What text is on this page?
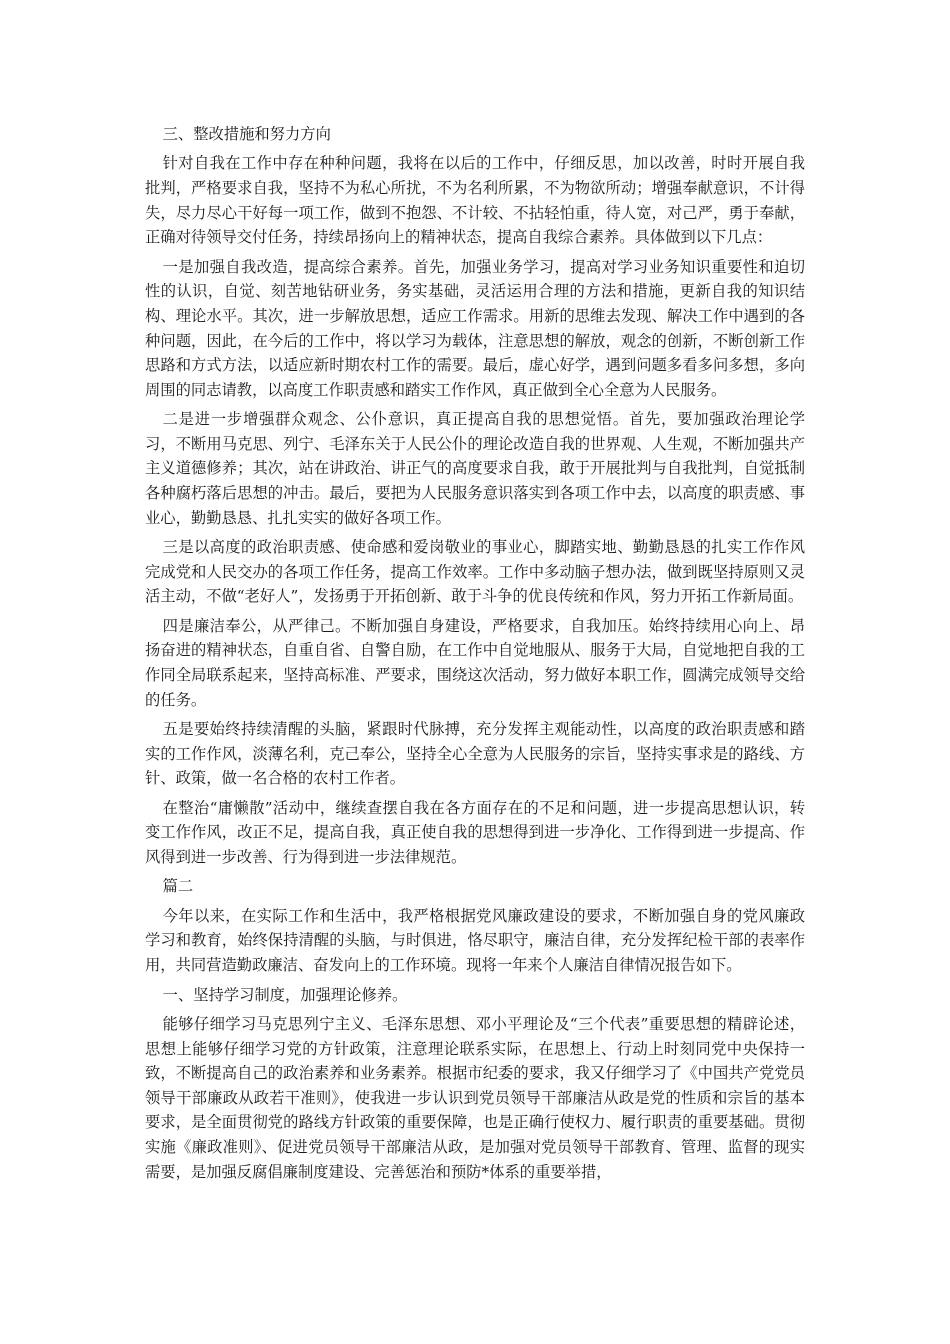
三、整改措施和努力方向

针对自我在工作中存在种种问题，我将在以后的工作中，仔细反思，加以改善，时时开展自我批判，严格要求自我，坚持不为私心所扰，不为名利所累，不为物欲所动；增强奉献意识，不计得失，尽力尽心干好每一项工作，做到不抱怨、不计较、不拈轻怕重，待人宽，对己严，勇于奉献，正确对待领导交付任务，持续昂扬向上的精神状态，提高自我综合素养。具体做到以下几点：

一是加强自我改造，提高综合素养。首先，加强业务学习，提高对学习业务知识重要性和迫切性的认识，自觉、刻苦地钻研业务，务实基础，灵活运用合理的方法和措施，更新自我的知识结构、理论水平。其次，进一步解放思想，适应工作需求。用新的思维去发现、解决工作中遇到的各种问题，因此，在今后的工作中，将以学习为载体，注意思想的解放，观念的创新，不断创新工作思路和方式方法，以适应新时期农村工作的需要。最后，虚心好学，遇到问题多看多问多想，多向周围的同志请教，以高度工作职责感和踏实工作作风，真正做到全心全意为人民服务。

二是进一步增强群众观念、公仆意识，真正提高自我的思想觉悟。首先，要加强政治理论学习，不断用马克思、列宁、毛泽东关于人民公仆的理论改造自我的世界观、人生观，不断加强共产主义道德修养；其次，站在讲政治、讲正气的高度要求自我，敢于开展批判与自我批判，自觉抵制各种腐朽落后思想的冲击。最后，要把为人民服务意识落实到各项工作中去，以高度的职责感、事业心，勤勤恳恳、扎扎实实的做好各项工作。

三是以高度的政治职责感、使命感和爱岗敬业的事业心，脚踏实地、勤勤恳恳的扎实工作作风完成党和人民交办的各项工作任务，提高工作效率。工作中多动脑子想办法，做到既坚持原则又灵活主动，不做“老好人”，发扬勇于开拓创新、敢于斗争的优良传统和作风，努力开拓工作新局面。

四是廉洁奉公，从严律己。不断加强自身建设，严格要求，自我加压。始终持续用心向上、昂扬奋进的精神状态，自重自省、自警自励，在工作中自觉地服从、服务于大局，自觉地把自我的工作同全局联系起来，坚持高标准、严要求，围绕这次活动，努力做好本职工作，圆满完成领导交给的任务。

五是要始终持续清醒的头脑，紧跟时代脉搏，充分发挥主观能动性，以高度的政治职责感和踏实的工作作风，淡薄名利，克己奉公，坚持全心全意为人民服务的宗旨，坚持实事求是的路线、方针、政策，做一名合格的农村工作者。

在整治“庸懒散”活动中，继续查摆自我在各方面存在的不足和问题，进一步提高思想认识，转变工作作风，改正不足，提高自我，真正使自我的思想得到进一步净化、工作得到进一步提高、作风得到进一步改善、行为得到进一步法律规范。

篇二

今年以来，在实际工作和生活中，我严格根据党风廉政建设的要求，不断加强自身的党风廉政学习和教育，始终保持清醒的头脑，与时俱进，恪尽职守，廉洁自律，充分发挥纪检干部的表率作用，共同营造勤政廉洁、奋发向上的工作环境。现将一年来个人廉洁自律情况报告如下。

一、坚持学习制度，加强理论修养。

能够仔细学习马克思列宁主义、毛泽东思想、邓小平理论及“三个代表”重要思想的精辟论述，思想上能够仔细学习党的方针政策，注意理论联系实际，在思想上、行动上时刻同党中央保持一致，不断提高自己的政治素养和业务素养。根据市纪委的要求，我又仔细学习了《中国共产党党员领导干部廉政从政若干准则》，使我进一步认识到党员领导干部廉洁从政是党的性质和宗旨的基本要求，是全面贯彻党的路线方针政策的重要保障，也是正确行使权力、履行职责的重要基础。贯彻实施《廉政准则》、促进党员领导干部廉洁从政，是加强对党员领导干部教育、管理、监督的现实需要，是加强反腐倡廉制度建设、完善惩治和预防*体系的重要举措，
